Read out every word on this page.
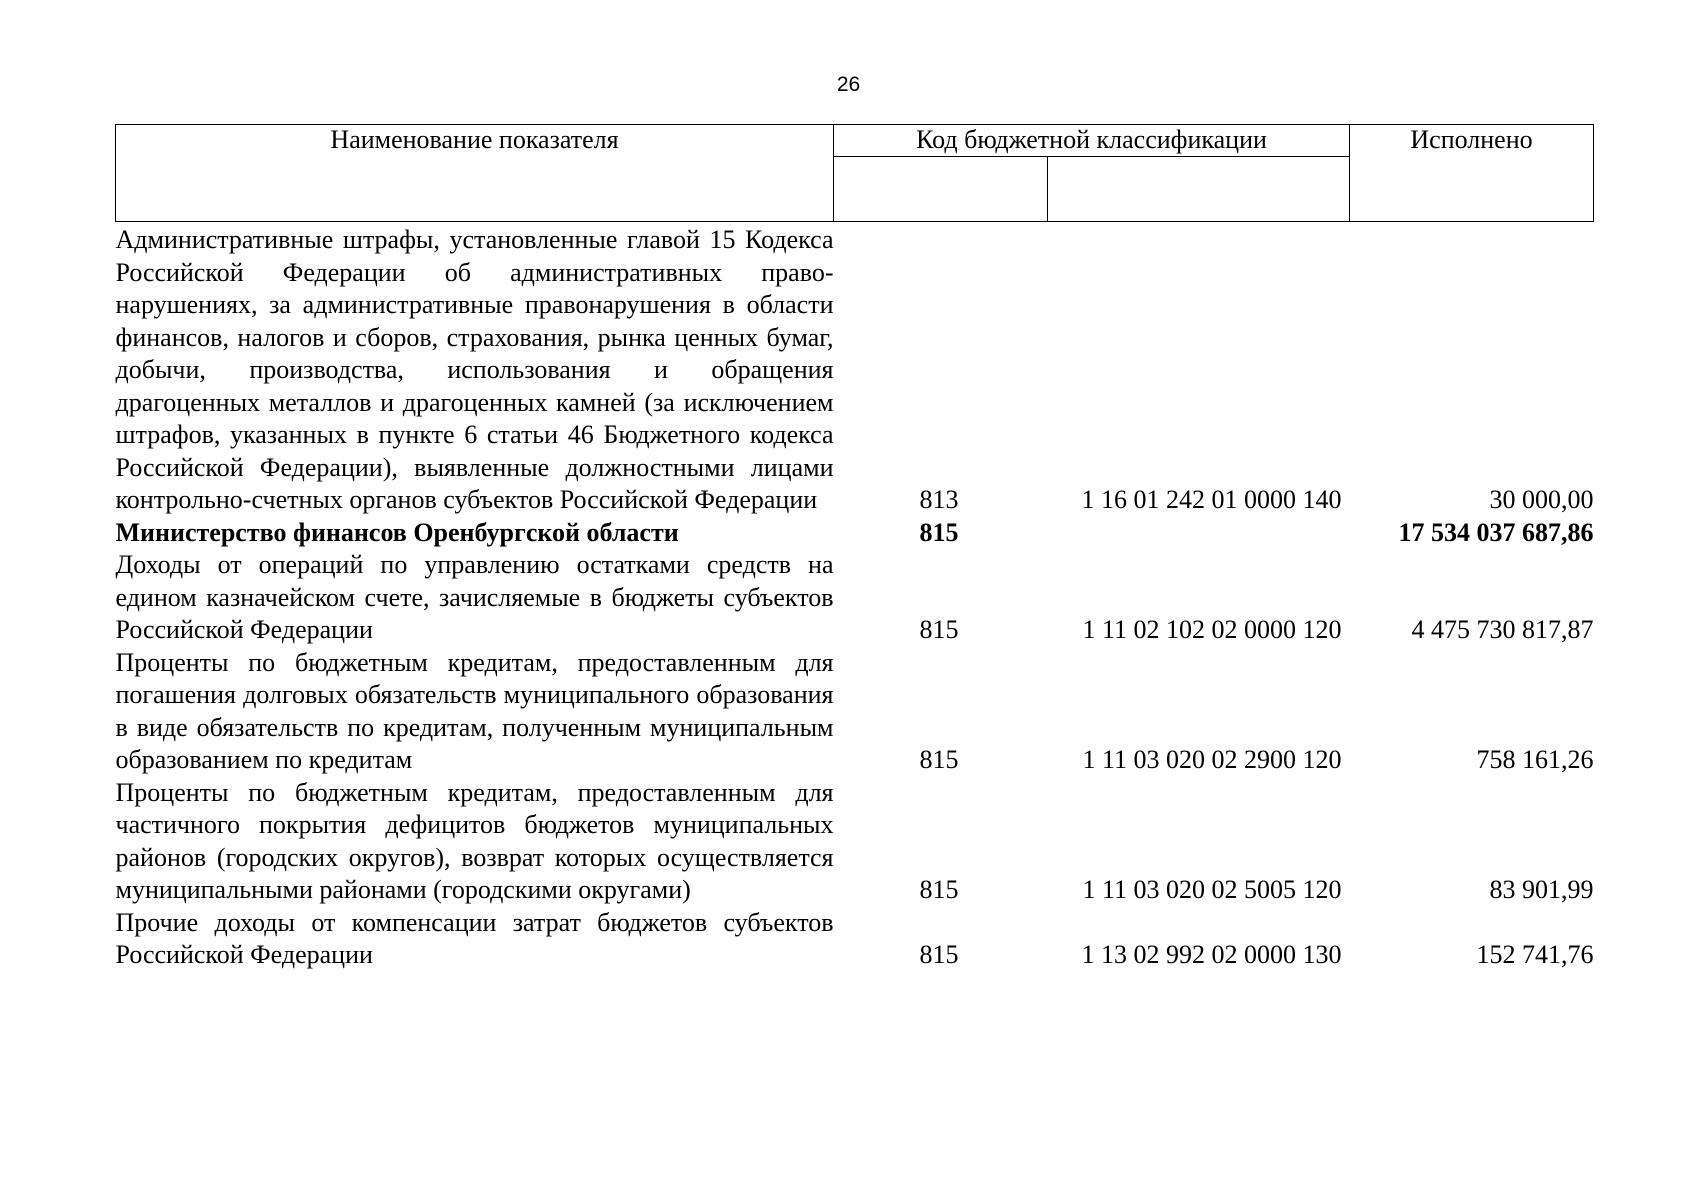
26
Наименование показателя	Код бюджетной классификации		Исполнено

Административные штрафы, установленные главой 15 Кодекса Российской Федерации об административных правонарушениях, за административные правонарушения в области финансов, налогов и сборов, страхования, рынка ценных бумаг, добычи, производства, использования и обращения драгоценных металлов и драгоценных камней (за исключением штрафов, указанных в пункте 6 статьи 46 Бюджетного кодекса Российской Федерации), выявленные должностными лицами контрольно-счетных органов субъектов Российской Федерации	813	1 16 01 242 01 0000 140	30 000,00
Министерство финансов Оренбургской области	815		17 534 037 687,86
Доходы от операций по управлению остатками средств на едином казначейском счете, зачисляемые в бюджеты субъектов Российской Федерации	815	1 11 02 102 02 0000 120	4 475 730 817,87
Проценты по бюджетным кредитам, предоставленным для погашения долговых обязательств муниципального образования в виде обязательств по кредитам, полученным муниципальным образованием по кредитам	815	1 11 03 020 02 2900 120	758 161,26
Проценты по бюджетным кредитам, предоставленным для частичного покрытия дефицитов бюджетов муниципальных районов (городских округов), возврат которых осуществляется муниципальными районами (городскими округами)	815	1 11 03 020 02 5005 120	83 901,99
Прочие доходы от компенсации затрат бюджетов субъектов Российской Федерации	815	1 13 02 992 02 0000 130	152 741,76
